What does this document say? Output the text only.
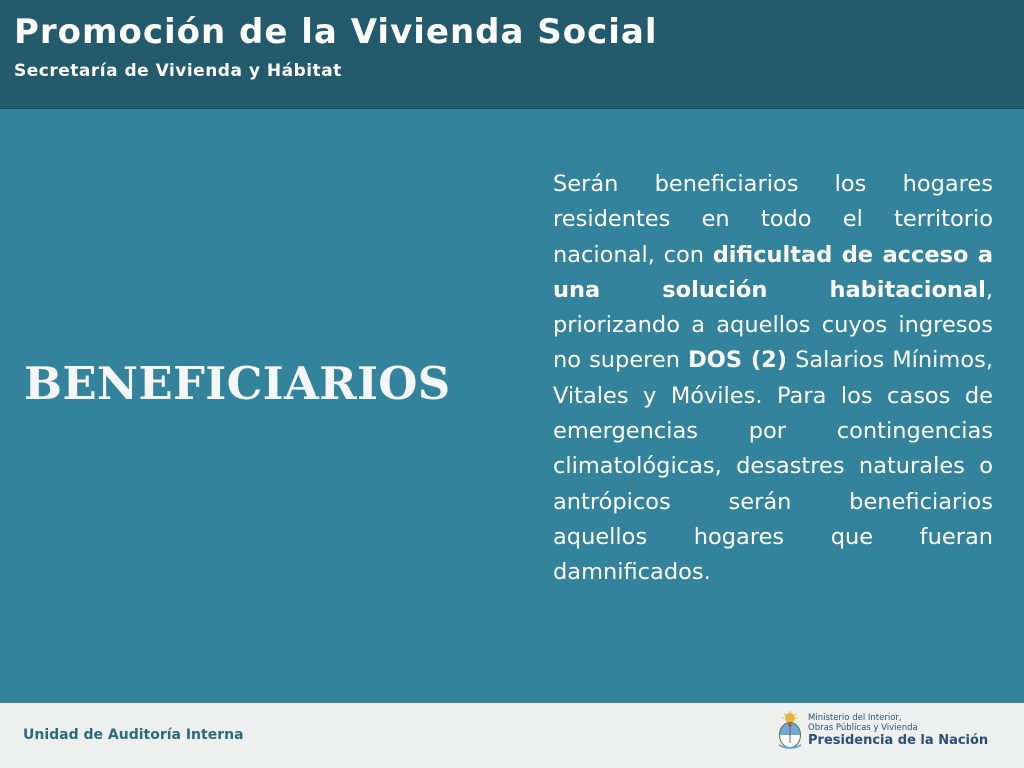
Promoción de la Vivienda Social
Secretaría de Vivienda y Hábitat
BENEFICIARIOS
Serán beneficiarios los hogares residentes en todo el territorio nacional, con dificultad de acceso a una solución habitacional, priorizando a aquellos cuyos ingresos no superen DOS (2) Salarios Mínimos, Vitales y Móviles. Para los casos de emergencias por contingencias climatológicas, desastres naturales o antrópicos serán beneficiarios aquellos hogares que fueran damnificados.
Unidad de Auditoría Interna
Ministerio del Interior,
Obras Públicas y Vivienda
Presidencia de la Nación
